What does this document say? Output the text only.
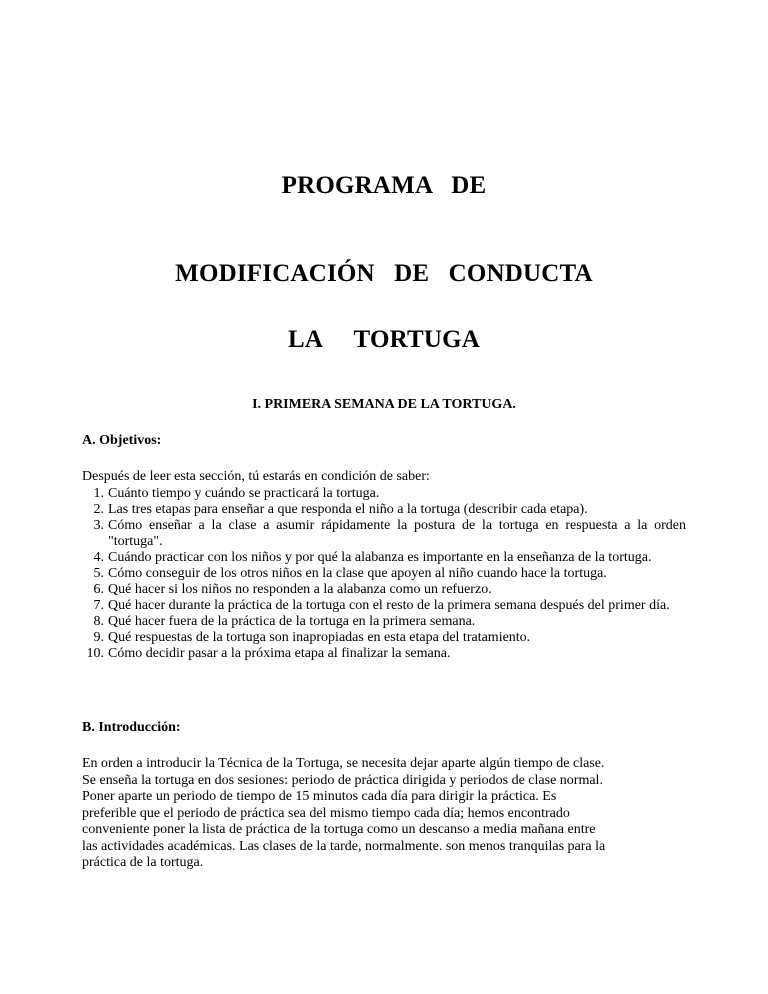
PROGRAMA   DE
MODIFICACIÓN   DE   CONDUCTA
LA     TORTUGA
I. PRIMERA SEMANA DE LA TORTUGA.
A. Objetivos:
Después de leer esta sección, tú estarás en condición de saber:
1. Cuánto tiempo y cuándo se practicará la tortuga.
2. Las tres etapas para enseñar a que responda el niño a la tortuga (describir cada etapa).
3. Cómo enseñar a la clase a asumir rápidamente la postura de la tortuga en respuesta a la orden "tortuga".
4. Cuándo practicar con los niños y por qué la alabanza es importante en la enseñanza de la tortuga.
5. Cómo conseguir de los otros niños en la clase que apoyen al niño cuando hace la tortuga.
6. Qué hacer si los niños no responden a la alabanza como un refuerzo.
7. Qué hacer durante la práctica de la tortuga con el resto de la primera semana después del primer día.
8. Qué hacer fuera de la práctica de la tortuga en la primera semana.
9. Qué respuestas de la tortuga son inapropiadas en esta etapa del tratamiento.
10. Cómo decidir pasar a la próxima etapa al finalizar la semana.
B. Introducción:
En orden a introducir la Técnica de la Tortuga, se necesita dejar aparte algún tiempo de clase.
Se enseña la tortuga en dos sesiones: periodo de práctica dirigida y periodos de clase normal.
Poner aparte un periodo de tiempo de 15 minutos cada día para dirigir la práctica. Es
preferible que el periodo de práctica sea del mismo tiempo cada día; hemos encontrado
conveniente poner la lista de práctica de la tortuga como un descanso a media mañana entre
las actividades académicas. Las clases de la tarde, normalmente. son menos tranquilas para la
práctica de la tortuga.
